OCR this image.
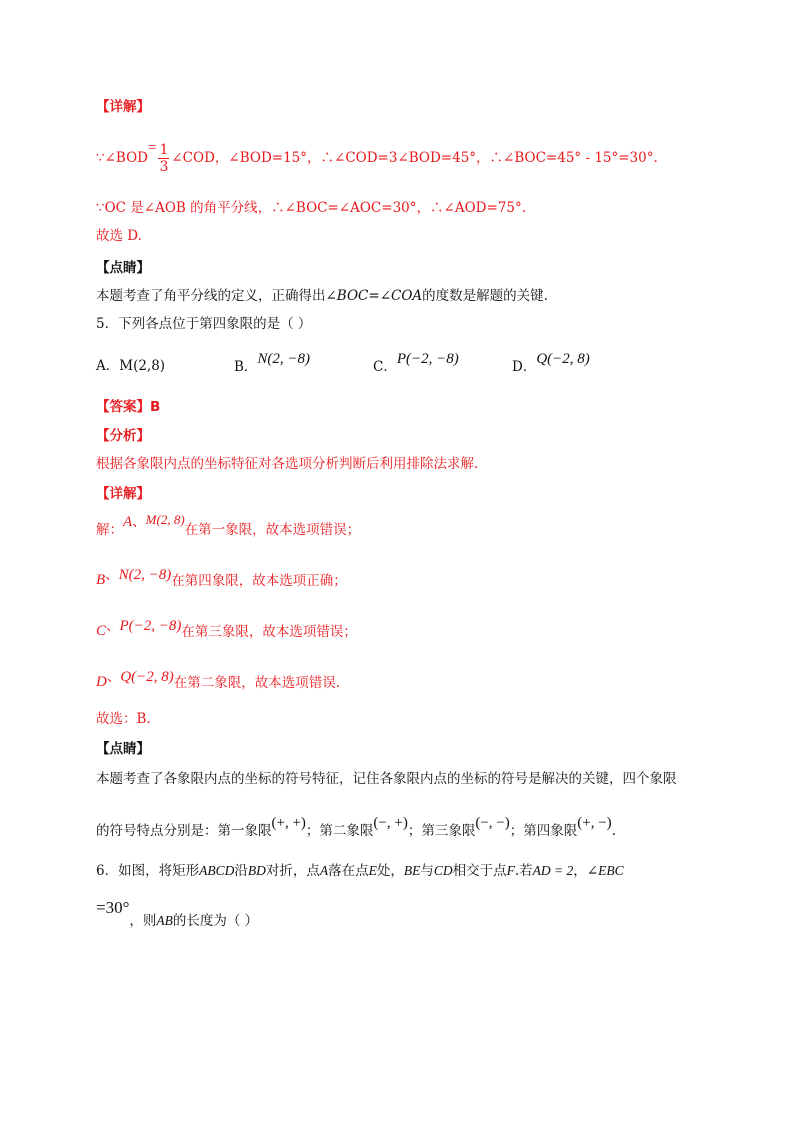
【详解】
∵∠BOD= $\frac{1}{3}$ ∠COD，∠BOD=15°，∴∠COD=3∠BOD=45°，∴∠BOC=45° - 15°=30°.
∵OC 是∠AOB 的角平分线，∴∠BOC=∠AOC=30°，∴∠AOD=75°.
故选 D.
【点睛】
本题考查了角平分线的定义，正确得出∠BOC=∠COA的度数是解题的关键.
5．下列各点位于第四象限的是（ ）
A．M(2,8)	B．N(2, −8)	C．P(−2, −8)	D．Q(−2, 8)
【答案】B
【分析】
根据各象限内点的坐标特征对各选项分析判断后利用排除法求解.
【详解】
解：A、M(2, 8)在第一象限，故本选项错误；
B、N(2, −8)在第四象限，故本选项正确；
C、P(−2, −8)在第三象限，故本选项错误；
D、Q(−2, 8)在第二象限，故本选项错误.
故选：B.
【点睛】
本题考查了各象限内点的坐标的符号特征，记住各象限内点的坐标的符号是解决的关键，四个象限
的符号特点分别是：第一象限(+, +)；第二象限(−, +)；第三象限(−, −)；第四象限(+, −).
6．如图，将矩形ABCD沿BD对折，点A落在点E处，BE与CD相交于点F.若AD = 2，∠EBC
=30°，则AB的长度为（ ）
